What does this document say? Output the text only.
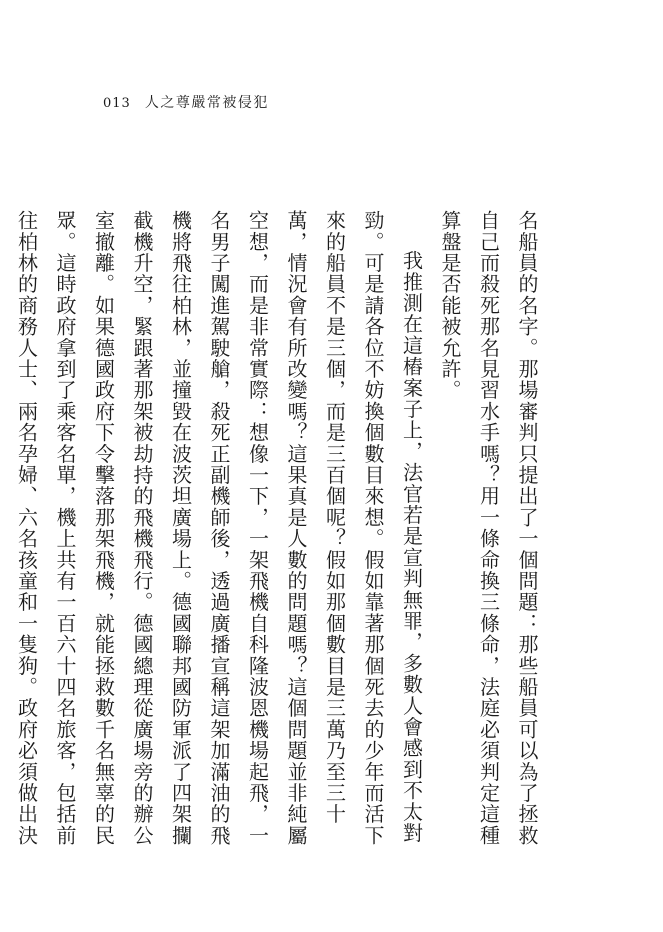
013 人之尊嚴常被侵犯

名船員的名字。那場審判只提出了一個問題：那些船員可以為了拯救自己而殺死那名見習水手嗎？用一條命換三條命，法庭必須判定這種算盤是否能被允許。

我推測在這樁案子上，法官若是宣判無罪，多數人會感到不太對勁。可是請各位不妨換個數目來想。假如靠著那個死去的少年而活下來的船員不是三個，而是三百個呢？假如那個數目是三萬乃至三十萬，情況會有所改變嗎？這果真是人數的問題嗎？這個問題並非純屬空想，而是非常實際：想像一下，一架飛機自科隆波恩機場起飛，一名男子闖進駕駛艙，殺死正副機師後，透過廣播宣稱這架加滿油的飛機將飛往柏林，並撞毀在波茨坦廣場上。德國聯邦國防軍派了四架攔截機升空，緊跟著那架被劫持的飛機飛行。德國總理從廣場旁的辦公室撤離。如果德國政府下令擊落那架飛機，就能拯救數千名無辜的民眾。這時政府拿到了乘客名單，機上共有一百六十四名旅客，包括前往柏林的商務人士、兩名孕婦、六名孩童和一隻狗。政府必須做出決
